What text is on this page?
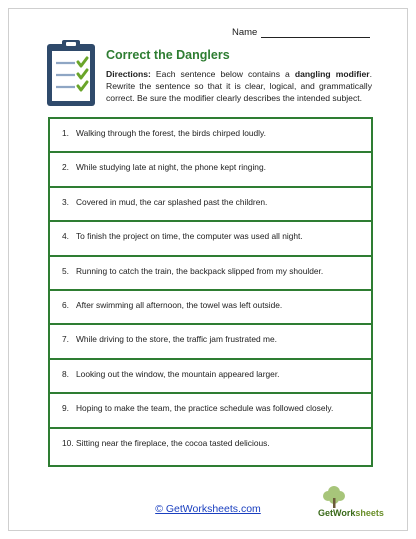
Name
Correct the Danglers
Directions: Each sentence below contains a dangling modifier. Rewrite the sentence so that it is clear, logical, and grammatically correct. Be sure the modifier clearly describes the intended subject.
1. Walking through the forest, the birds chirped loudly.
2. While studying late at night, the phone kept ringing.
3. Covered in mud, the car splashed past the children.
4. To finish the project on time, the computer was used all night.
5. Running to catch the train, the backpack slipped from my shoulder.
6. After swimming all afternoon, the towel was left outside.
7. While driving to the store, the traffic jam frustrated me.
8. Looking out the window, the mountain appeared larger.
9. Hoping to make the team, the practice schedule was followed closely.
10. Sitting near the fireplace, the cocoa tasted delicious.
© GetWorksheets.com	GetWorksheets
